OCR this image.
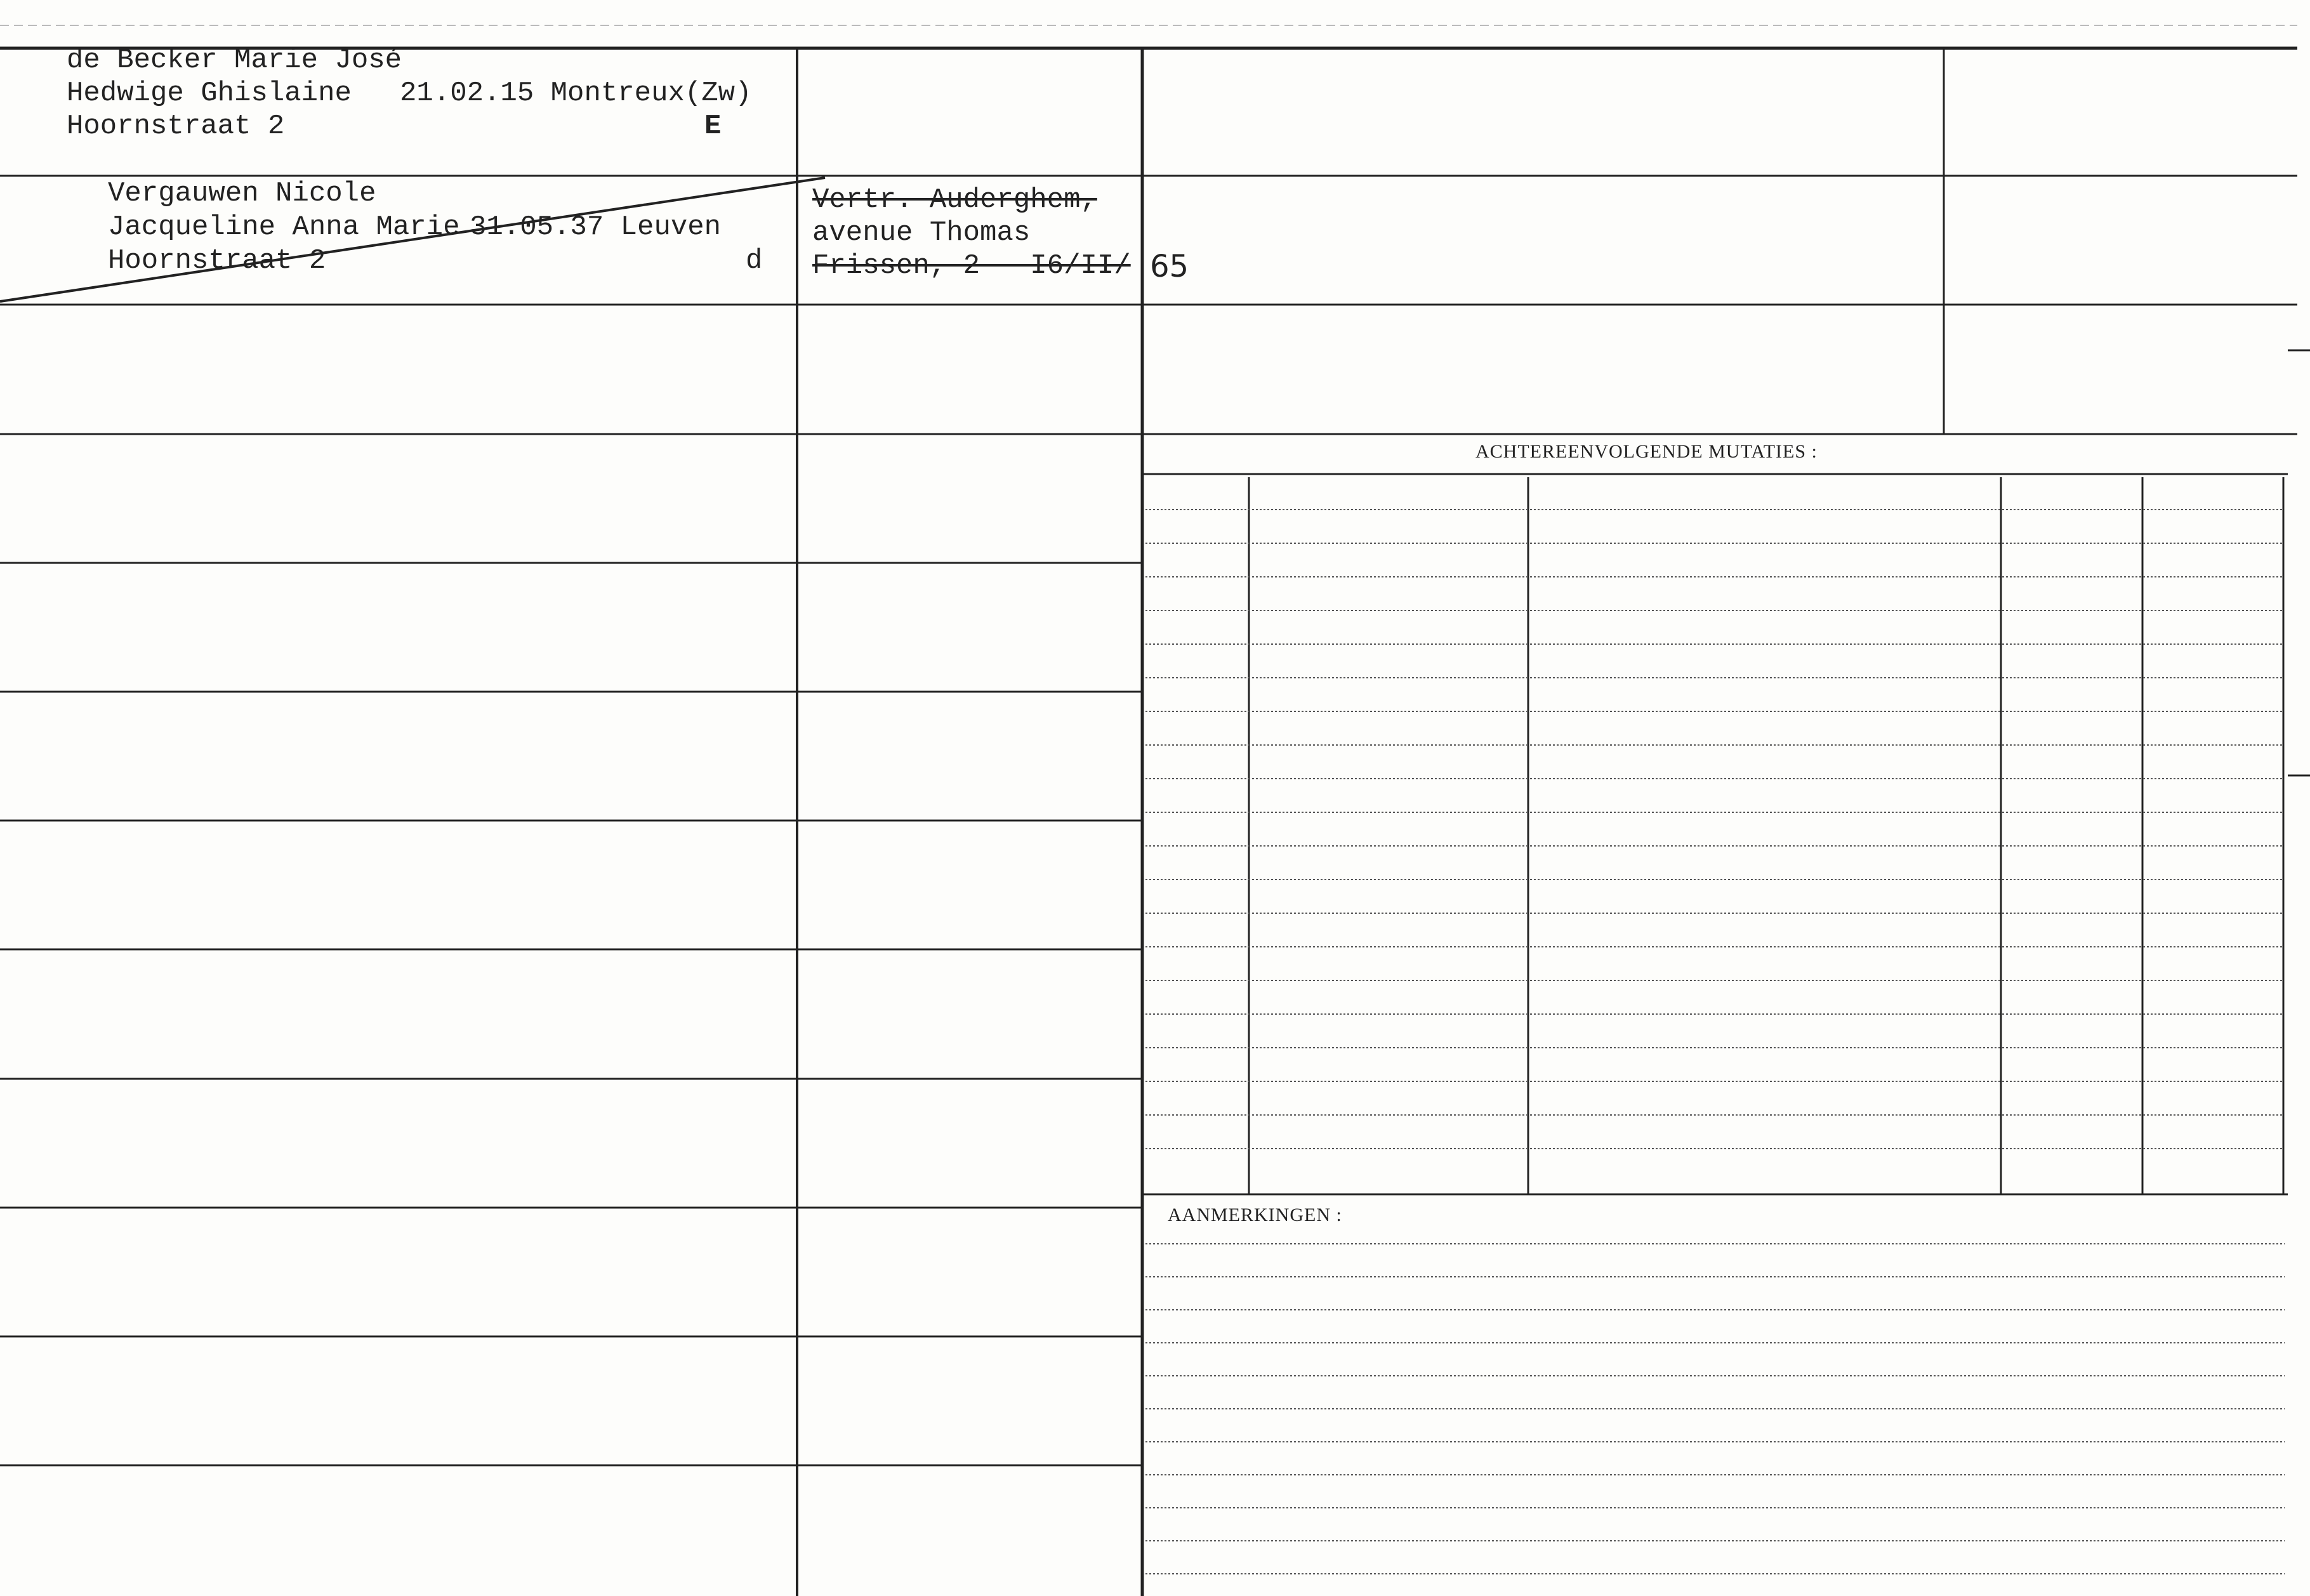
de Becker Marie José
Hedwige Ghislaine 21.02.15 Montreux(Zw)
Hoornstraat 2	E
Vergauwen Nicole
Jacqueline Anna Marie 31.05.37 Leuven
Hoornstraat 2	d
Vertr. Auderghem,
avenue Thomas
Frissen, 2 - I6/II/ 65
ACHTEREENVOLGENDE MUTATIES :
AANMERKINGEN :
